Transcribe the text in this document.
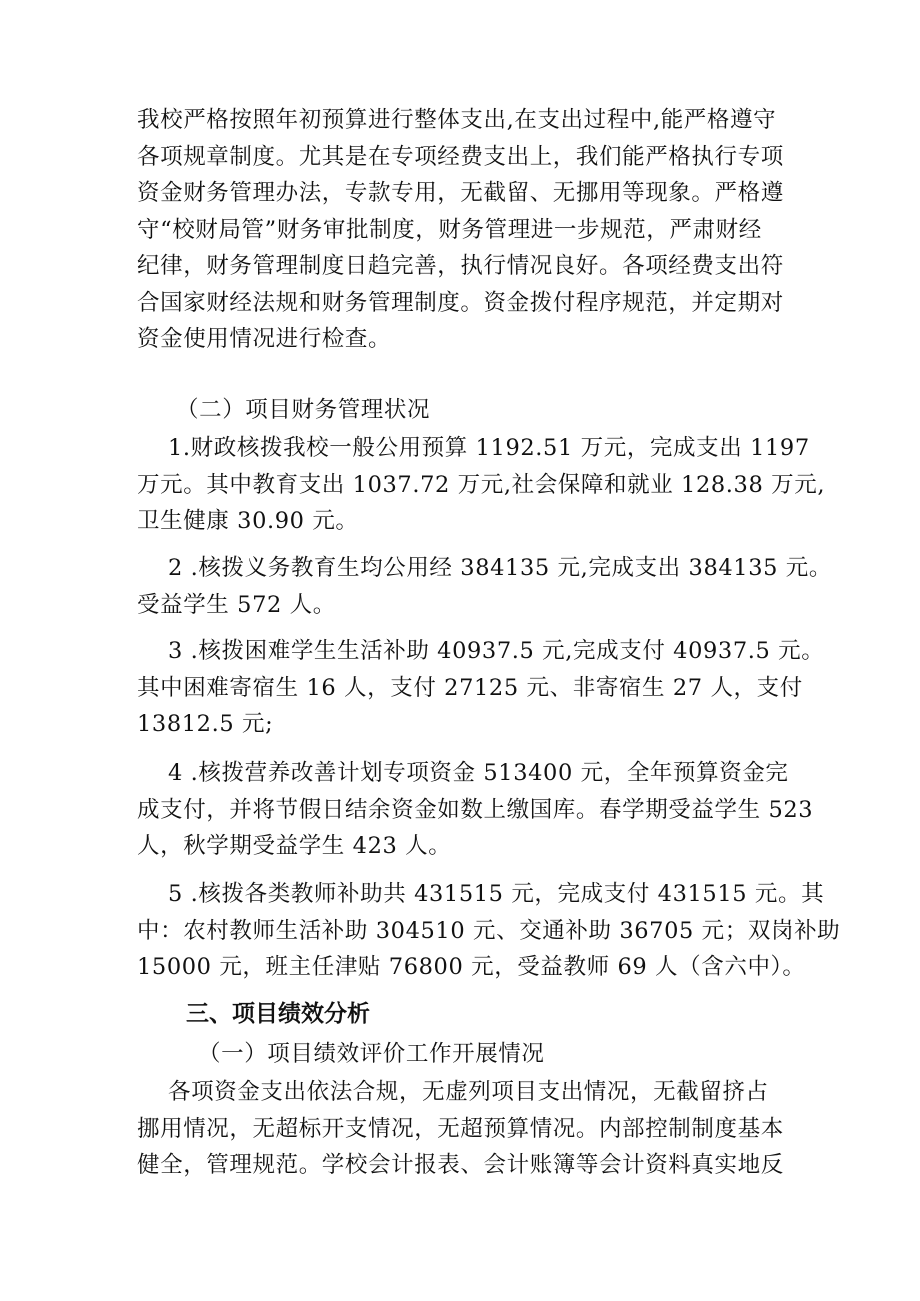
我校严格按照年初预算进行整体支出,在支出过程中,能严格遵守
各项规章制度。尤其是在专项经费支出上，我们能严格执行专项
资金财务管理办法，专款专用，无截留、无挪用等现象。严格遵
守“校财局管”财务审批制度，财务管理进一步规范，严肃财经
纪律，财务管理制度日趋完善，执行情况良好。各项经费支出符
合国家财经法规和财务管理制度。资金拨付程序规范，并定期对
资金使用情况进行检查。
（二）项目财务管理状况
1.财政核拨我校一般公用预算 1192.51 万元，完成支出 1197
万元。其中教育支出 1037.72 万元,社会保障和就业 128.38 万元,
卫生健康 30.90 元。
2 .核拨义务教育生均公用经 384135 元,完成支出 384135 元。
受益学生 572 人。
3 .核拨困难学生生活补助 40937.5 元,完成支付 40937.5 元。
其中困难寄宿生 16 人，支付 27125 元、非寄宿生 27 人，支付
13812.5 元;
4 .核拨营养改善计划专项资金 513400 元，全年预算资金完
成支付，并将节假日结余资金如数上缴国库。春学期受益学生 523
人，秋学期受益学生 423 人。
5 .核拨各类教师补助共 431515 元，完成支付 431515 元。其
中：农村教师生活补助 304510 元、交通补助 36705 元；双岗补助
15000 元，班主任津贴 76800 元，受益教师 69 人（含六中）。
三、项目绩效分析
（一）项目绩效评价工作开展情况
各项资金支出依法合规，无虚列项目支出情况，无截留挤占
挪用情况，无超标开支情况，无超预算情况。内部控制制度基本
健全，管理规范。学校会计报表、会计账簿等会计资料真实地反
